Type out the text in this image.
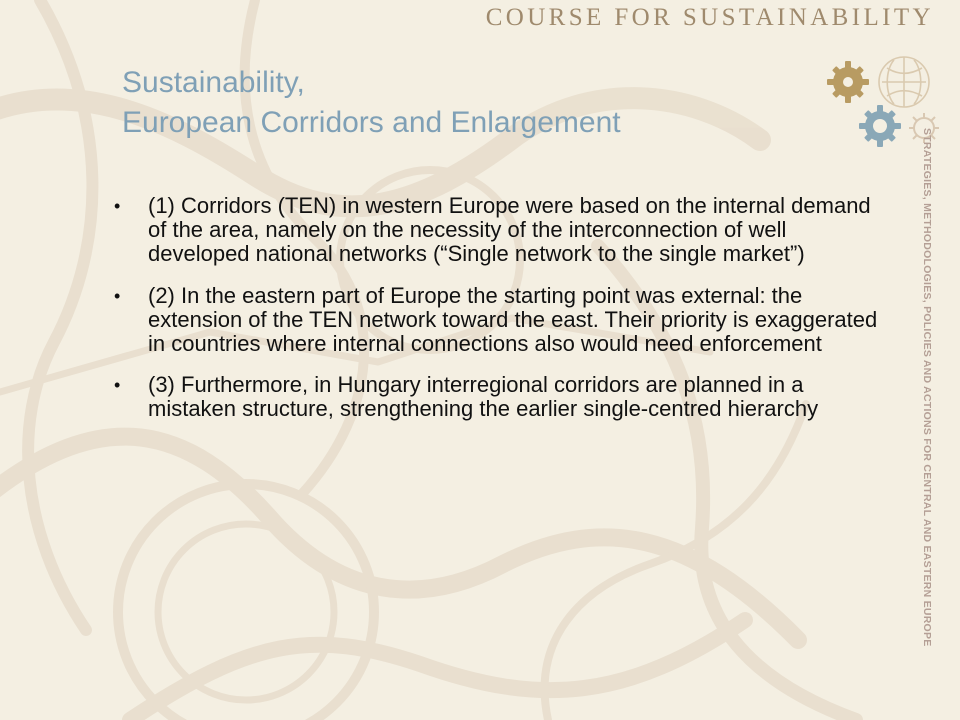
COURSE FOR SUSTAINABILITY
Sustainability,
European Corridors and Enlargement
STRATEGIES, METHODOLOGIES, POLICIES AND ACTIONS FOR CENTRAL AND EASTERN EUROPE
• (1) Corridors (TEN) in western Europe were based on the internal demand of the area, namely on the necessity of the interconnection of well developed national networks (“Single network to the single market”)
• (2) In the eastern part of Europe the starting point was external: the extension of the TEN network toward the east. Their priority is exaggerated in countries where internal connections also would need enforcement
• (3) Furthermore, in Hungary interregional corridors are planned in a mistaken structure, strengthening the earlier single-centred hierarchy
